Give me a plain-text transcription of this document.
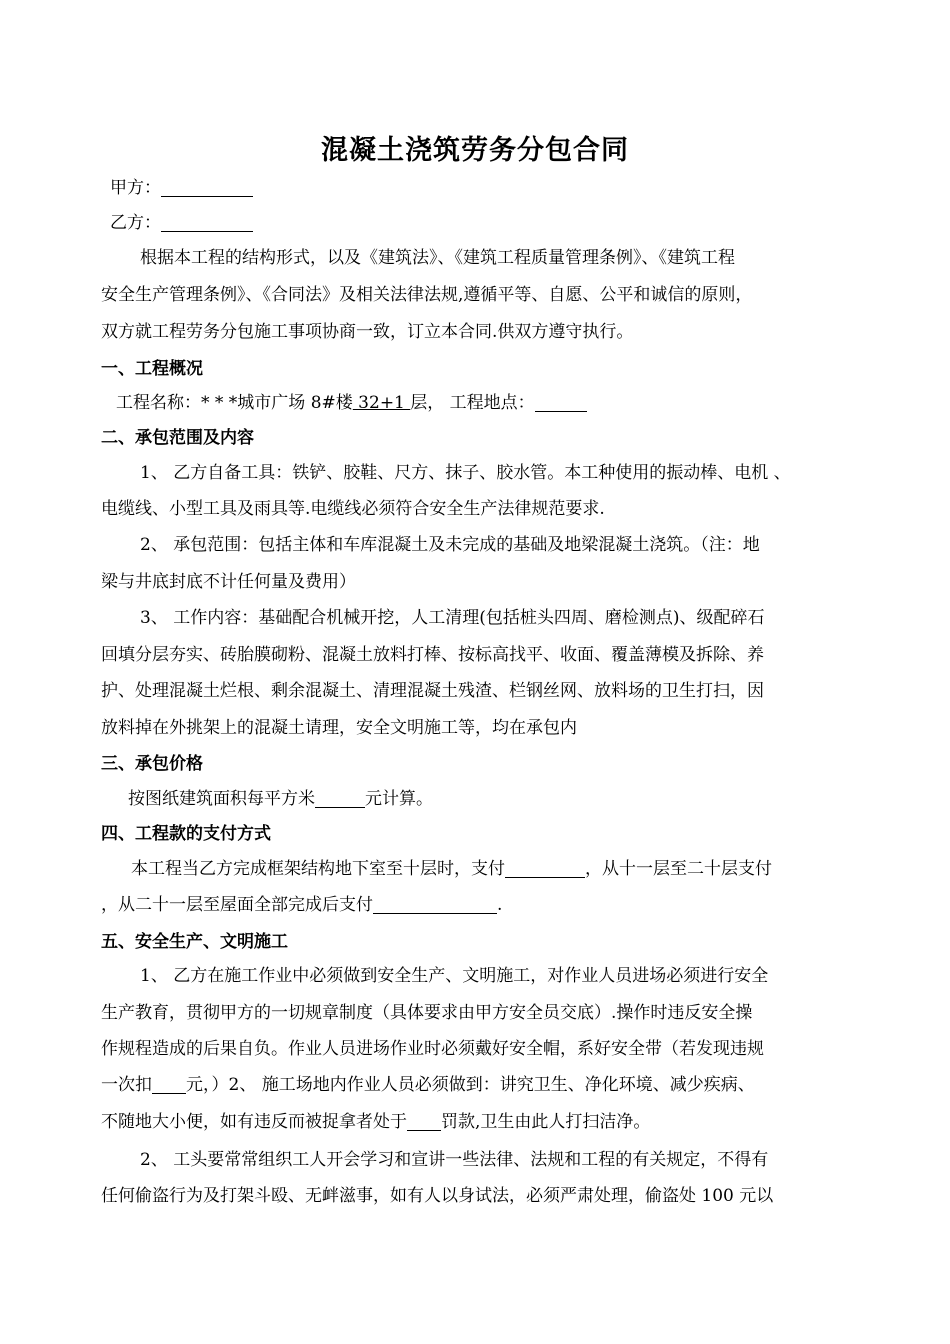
混凝土浇筑劳务分包合同
甲方：
乙方：
根据本工程的结构形式，以及《建筑法》、《建筑工程质量管理条例》、《建筑工程
安全生产管理条例》、《合同法》及相关法律法规,遵循平等、自愿、公平和诚信的原则，
双方就工程劳务分包施工事项协商一致，订立本合同.供双方遵守执行。
一、工程概况
工程名称：* * *城市广场 8#楼 32+1 层， 工程地点：
二、承包范围及内容
1、 乙方自备工具：铁铲、胶鞋、尺方、抹子、胶水管。本工种使用的振动棒、电机 、
电缆线、小型工具及雨具等.电缆线必须符合安全生产法律规范要求.
2、 承包范围：包括主体和车库混凝土及未完成的基础及地梁混凝土浇筑。（注：地
梁与井底封底不计任何量及费用）
3、 工作内容：基础配合机械开挖，人工清理(包括桩头四周、磨检测点)、级配碎石
回填分层夯实、砖胎膜砌粉、混凝土放料打棒、按标高找平、收面、覆盖薄模及拆除、养
护、处理混凝土烂根、剩余混凝土、清理混凝土残渣、栏钢丝网、放料场的卫生打扫，因
放料掉在外挑架上的混凝土请理，安全文明施工等，均在承包内
三、承包价格
按图纸建筑面积每平方米	元计算。
四、工程款的支付方式
本工程当乙方完成框架结构地下室至十层时，支付	，从十一层至二十层支付
，从二十一层至屋面全部完成后支付	.
五、安全生产、文明施工
1、 乙方在施工作业中必须做到安全生产、文明施工，对作业人员进场必须进行安全
生产教育，贯彻甲方的一切规章制度（具体要求由甲方安全员交底）.操作时违反安全操
作规程造成的后果自负。作业人员进场作业时必须戴好安全帽，系好安全带（若发现违规
一次扣 元，）2、 施工场地内作业人员必须做到：讲究卫生、净化环境、减少疾病、
不随地大小便，如有违反而被捉拿者处于 罚款,卫生由此人打扫洁净。
2、 工头要常常组织工人开会学习和宣讲一些法律、法规和工程的有关规定，不得有
任何偷盗行为及打架斗殴、无衅滋事，如有人以身试法，必须严肃处理，偷盗处 100 元以
